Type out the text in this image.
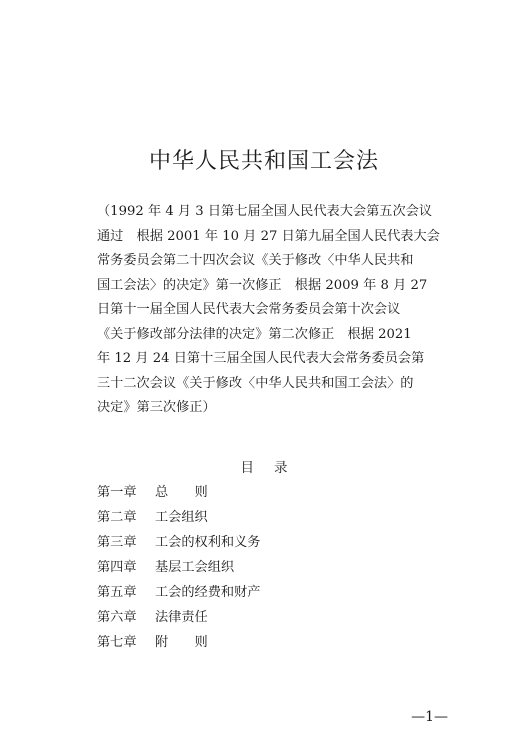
中华人民共和国工会法
（1992 年 4 月 3 日第七届全国人民代表大会第五次会议
通过　根据 2001 年 10 月 27 日第九届全国人民代表大会
常务委员会第二十四次会议《关于修改〈中华人民共和
国工会法〉的决定》第一次修正　根据 2009 年 8 月 27
日第十一届全国人民代表大会常务委员会第十次会议
《关于修改部分法律的决定》第二次修正　根据 2021
年 12 月 24 日第十三届全国人民代表大会常务委员会第
三十二次会议《关于修改〈中华人民共和国工会法〉的
决定》第三次修正）
目录
第一章	总　　则
第二章	工会组织
第三章	工会的权利和义务
第四章	基层工会组织
第五章	工会的经费和财产
第六章	法律责任
第七章	附　　则
—1—
